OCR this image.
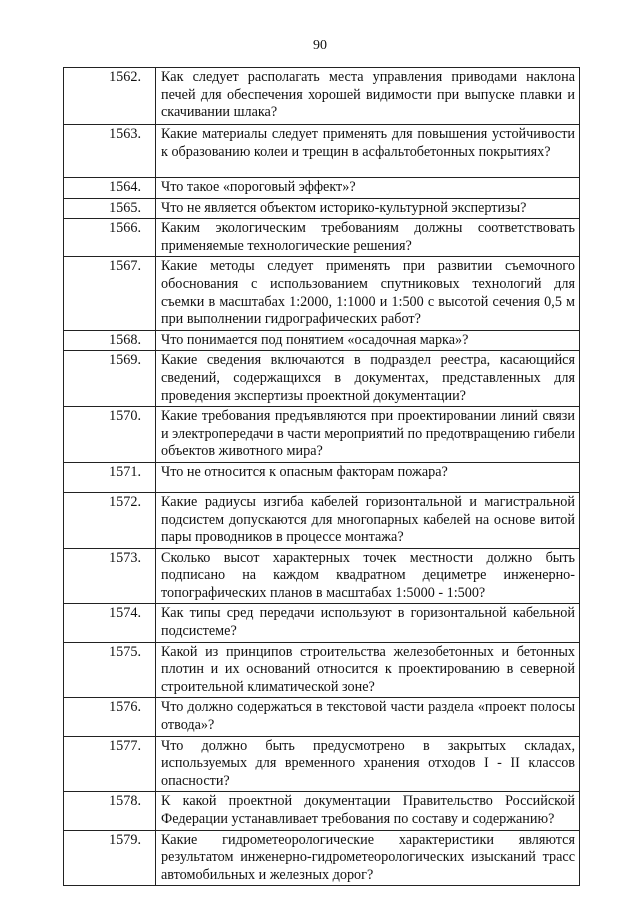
90
1562.	Как следует располагать места управления приводами наклона печей для обеспечения хорошей видимости при выпуске плавки и скачивании шлака?
1563.	Какие материалы следует применять для повышения устойчивости к образованию колеи и трещин в асфальтобетонных покрытиях?
1564.	Что такое «пороговый эффект»?
1565.	Что не является объектом историко-культурной экспертизы?
1566.	Каким экологическим требованиям должны соответствовать применяемые технологические решения?
1567.	Какие методы следует применять при развитии съемочного обоснования с использованием спутниковых технологий для съемки в масштабах 1:2000, 1:1000 и 1:500 с высотой сечения 0,5 м при выполнении гидрографических работ?
1568.	Что понимается под понятием «осадочная марка»?
1569.	Какие сведения включаются в подраздел реестра, касающийся сведений, содержащихся в документах, представленных для проведения экспертизы проектной документации?
1570.	Какие требования предъявляются при проектировании линий связи и электропередачи в части мероприятий по предотвращению гибели объектов животного мира?
1571.	Что не относится к опасным факторам пожара?
1572.	Какие радиусы изгиба кабелей горизонтальной и магистральной подсистем допускаются для многопарных кабелей на основе витой пары проводников в процессе монтажа?
1573.	Сколько высот характерных точек местности должно быть подписано на каждом квадратном дециметре инженерно-топографических планов в масштабах 1:5000 - 1:500?
1574.	Как типы сред передачи используют в горизонтальной кабельной подсистеме?
1575.	Какой из принципов строительства железобетонных и бетонных плотин и их оснований относится к проектированию в северной строительной климатической зоне?
1576.	Что должно содержаться в текстовой части раздела «проект полосы отвода»?
1577.	Что должно быть предусмотрено в закрытых складах, используемых для временного хранения отходов I - II классов опасности?
1578.	К какой проектной документации Правительство Российской Федерации устанавливает требования по составу и содержанию?
1579.	Какие гидрометеорологические характеристики являются результатом инженерно-гидрометеорологических изысканий трасс автомобильных и железных дорог?
